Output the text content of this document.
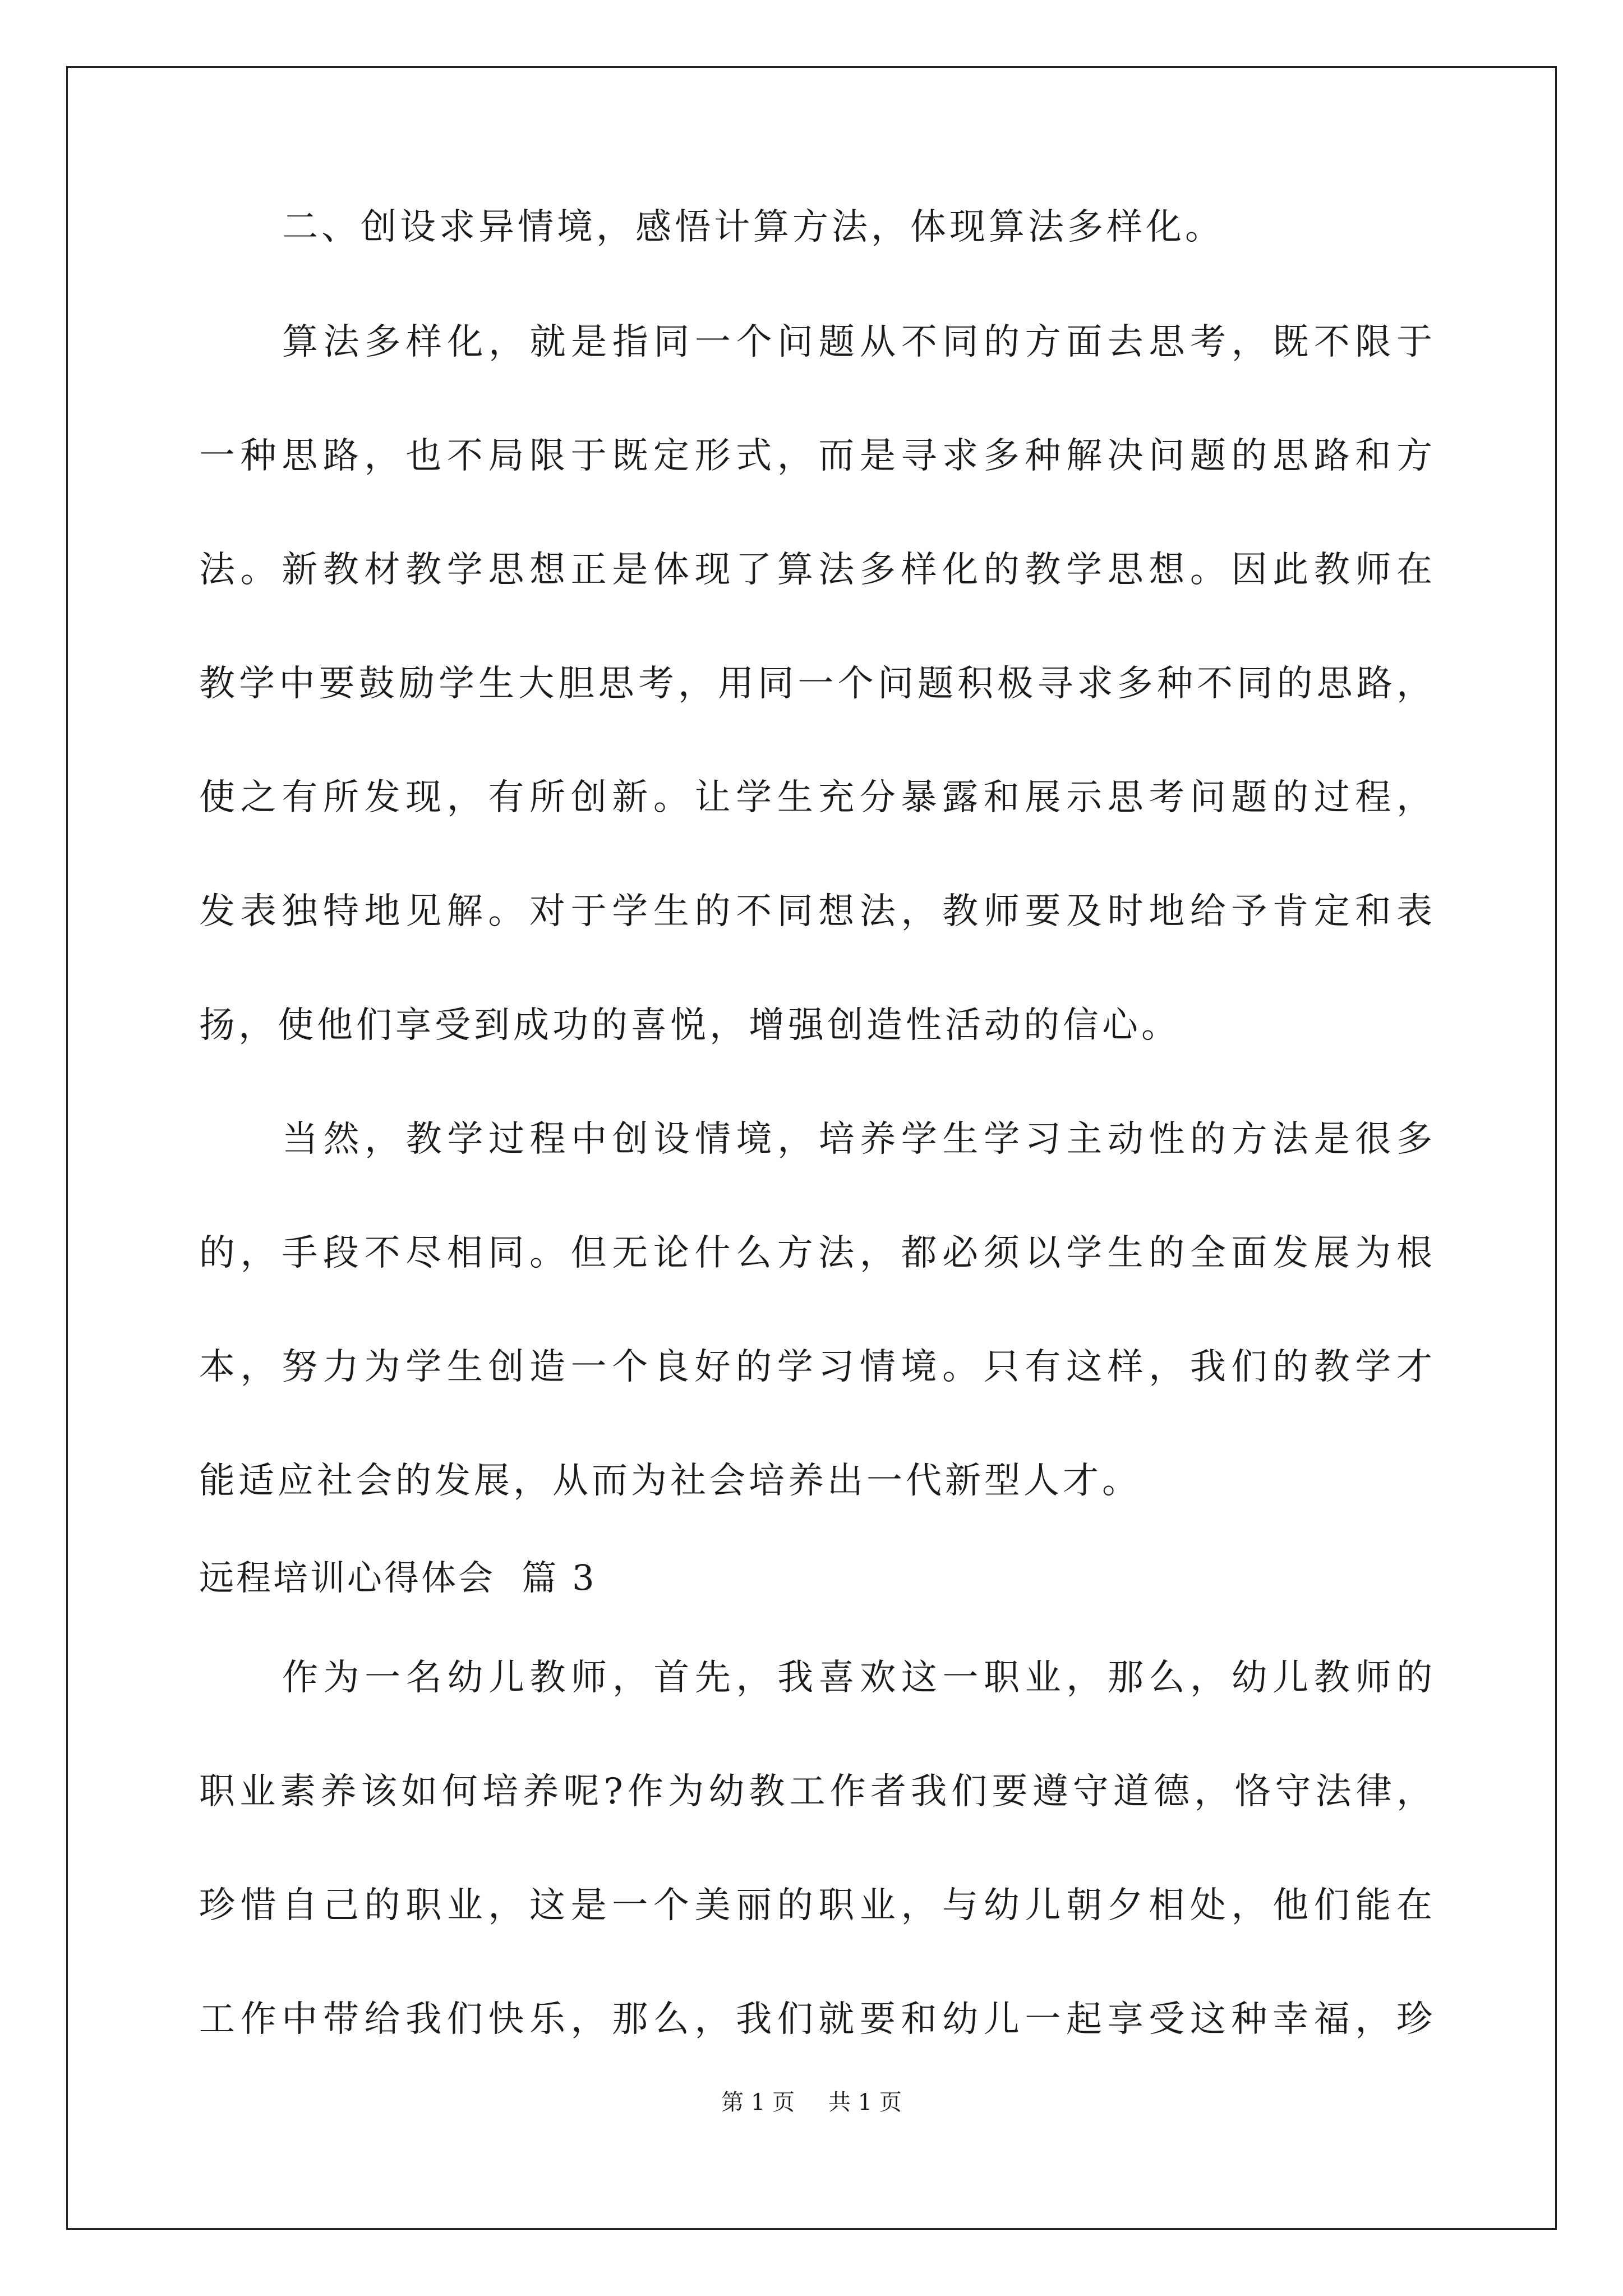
二、创设求异情境，感悟计算方法，体现算法多样化。
算法多样化，就是指同一个问题从不同的方面去思考，既不限于
一种思路，也不局限于既定形式，而是寻求多种解决问题的思路和方
法。新教材教学思想正是体现了算法多样化的教学思想。因此教师在
教学中要鼓励学生大胆思考，用同一个问题积极寻求多种不同的思路，
使之有所发现，有所创新。让学生充分暴露和展示思考问题的过程，
发表独特地见解。对于学生的不同想法，教师要及时地给予肯定和表
扬，使他们享受到成功的喜悦，增强创造性活动的信心。
当然，教学过程中创设情境，培养学生学习主动性的方法是很多
的，手段不尽相同。但无论什么方法，都必须以学生的全面发展为根
本，努力为学生创造一个良好的学习情境。只有这样，我们的教学才
能适应社会的发展，从而为社会培养出一代新型人才。
远程培训心得体会  篇 3
作为一名幼儿教师，首先，我喜欢这一职业，那么，幼儿教师的
职业素养该如何培养呢?作为幼教工作者我们要遵守道德，恪守法律，
珍惜自己的职业，这是一个美丽的职业，与幼儿朝夕相处，他们能在
工作中带给我们快乐，那么，我们就要和幼儿一起享受这种幸福，珍
第 1 页 共 1 页
